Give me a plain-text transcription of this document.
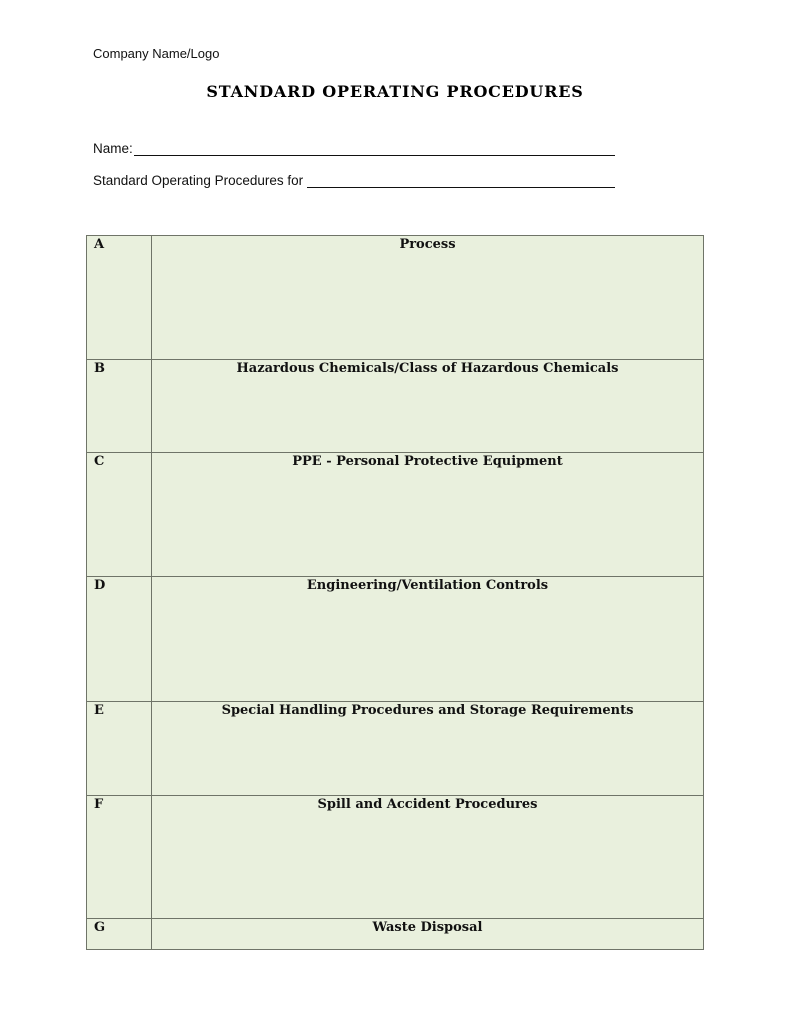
Company Name/Logo
STANDARD OPERATING PROCEDURES
Name:
Standard Operating Procedures for
A	Process
B	Hazardous Chemicals/Class of Hazardous Chemicals
C	PPE - Personal Protective Equipment
D	Engineering/Ventilation Controls
E	Special Handling Procedures and Storage Requirements
F	Spill and Accident Procedures
G	Waste Disposal
